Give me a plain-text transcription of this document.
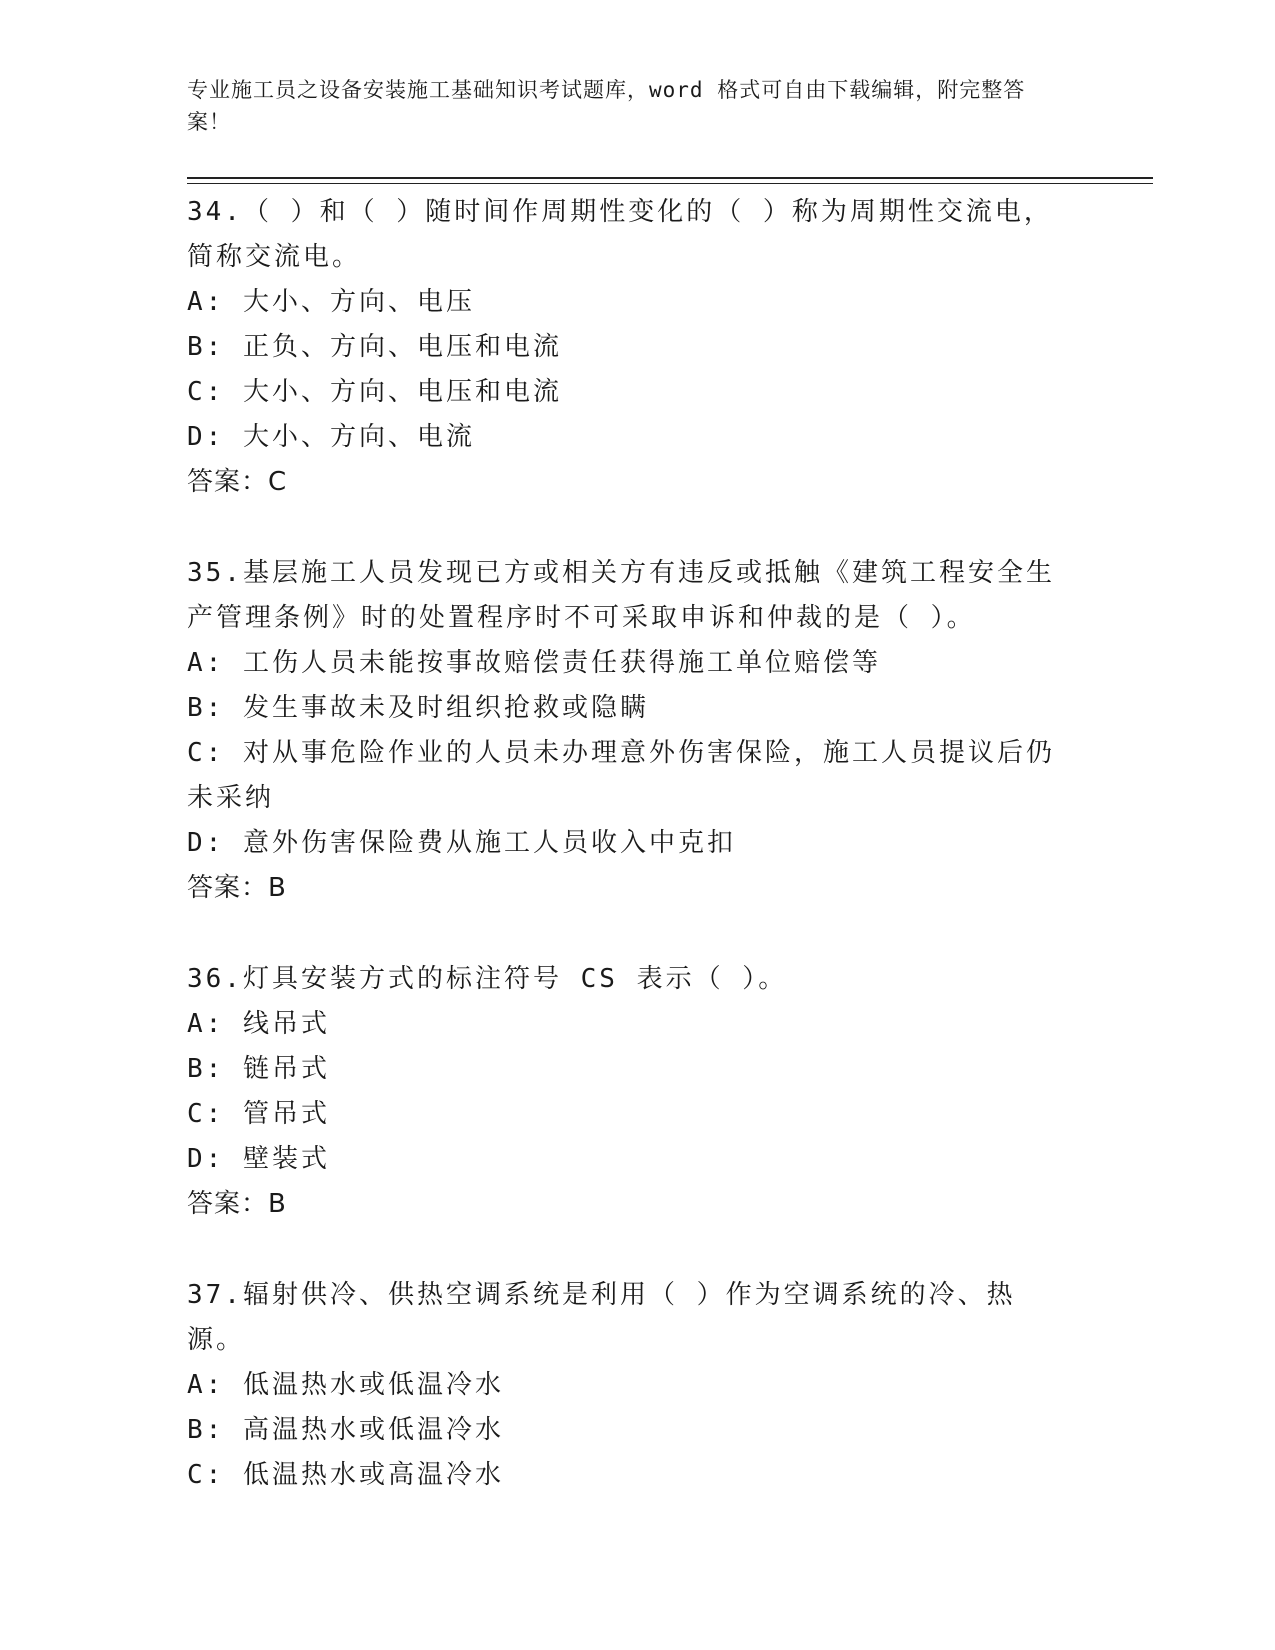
专业施工员之设备安装施工基础知识考试题库，word 格式可自由下载编辑，附完整答案！
34.（ ）和（ ）随时间作周期性变化的（ ）称为周期性交流电，简称交流电。
A: 大小、方向、电压
B: 正负、方向、电压和电流
C: 大小、方向、电压和电流
D: 大小、方向、电流
答案：C
35.基层施工人员发现已方或相关方有违反或抵触《建筑工程安全生产管理条例》时的处置程序时不可采取申诉和仲裁的是（ ）。
A: 工伤人员未能按事故赔偿责任获得施工单位赔偿等
B: 发生事故未及时组织抢救或隐瞒
C: 对从事危险作业的人员未办理意外伤害保险，施工人员提议后仍未采纳
D: 意外伤害保险费从施工人员收入中克扣
答案：B
36.灯具安装方式的标注符号 CS 表示（ ）。
A: 线吊式
B: 链吊式
C: 管吊式
D: 壁装式
答案：B
37.辐射供冷、供热空调系统是利用（ ）作为空调系统的冷、热源。
A: 低温热水或低温冷水
B: 高温热水或低温冷水
C: 低温热水或高温冷水
